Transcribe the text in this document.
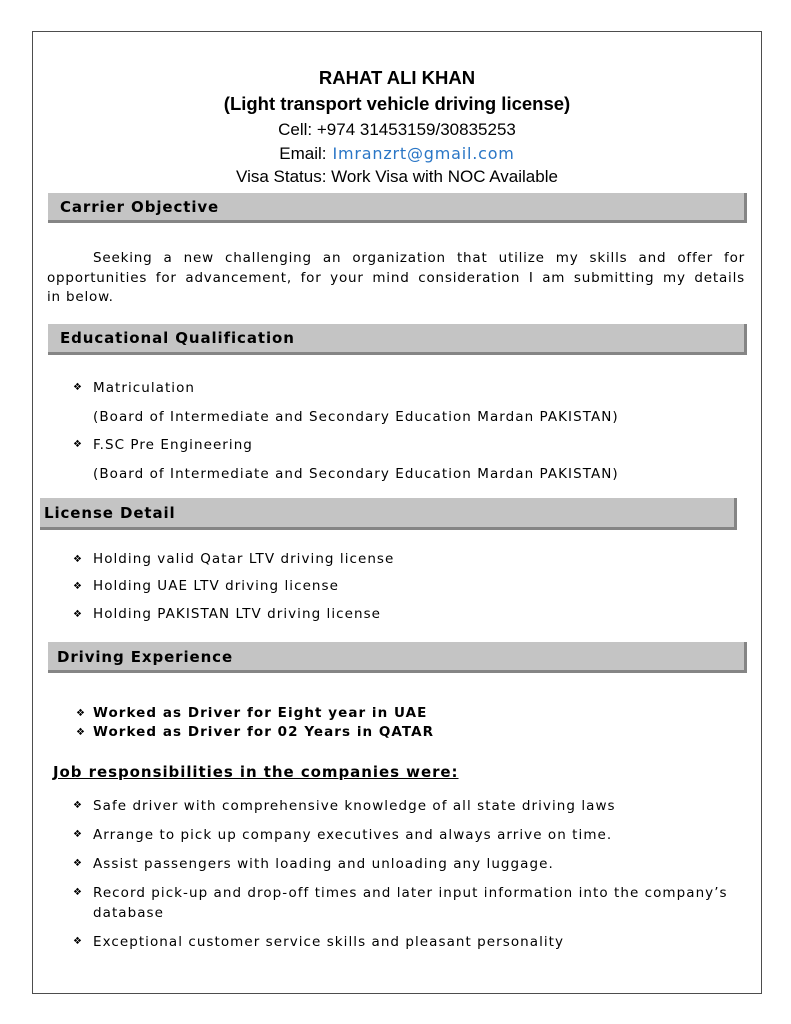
RAHAT ALI KHAN
(Light transport vehicle driving license)
Cell: +974 31453159/30835253
Email: Imranzrt@gmail.com
Visa Status: Work Visa with NOC Available
Carrier Objective
Seeking a new challenging an organization that utilize my skills and offer for
opportunities for advancement, for your mind consideration I am submitting my details
in below.
Educational Qualification
❖ Matriculation
(Board of Intermediate and Secondary Education Mardan PAKISTAN)
❖ F.SC Pre Engineering
(Board of Intermediate and Secondary Education Mardan PAKISTAN)
License Detail
❖ Holding valid Qatar LTV driving license
❖ Holding UAE LTV driving license
❖ Holding PAKISTAN LTV driving license
Driving Experience
❖ Worked as Driver for Eight year in UAE
❖ Worked as Driver for 02 Years in QATAR
Job responsibilities in the companies were:
❖ Safe driver with comprehensive knowledge of all state driving laws
❖ Arrange to pick up company executives and always arrive on time.
❖ Assist passengers with loading and unloading any luggage.
❖ Record pick-up and drop-off times and later input information into the company’s database
❖ Exceptional customer service skills and pleasant personality
